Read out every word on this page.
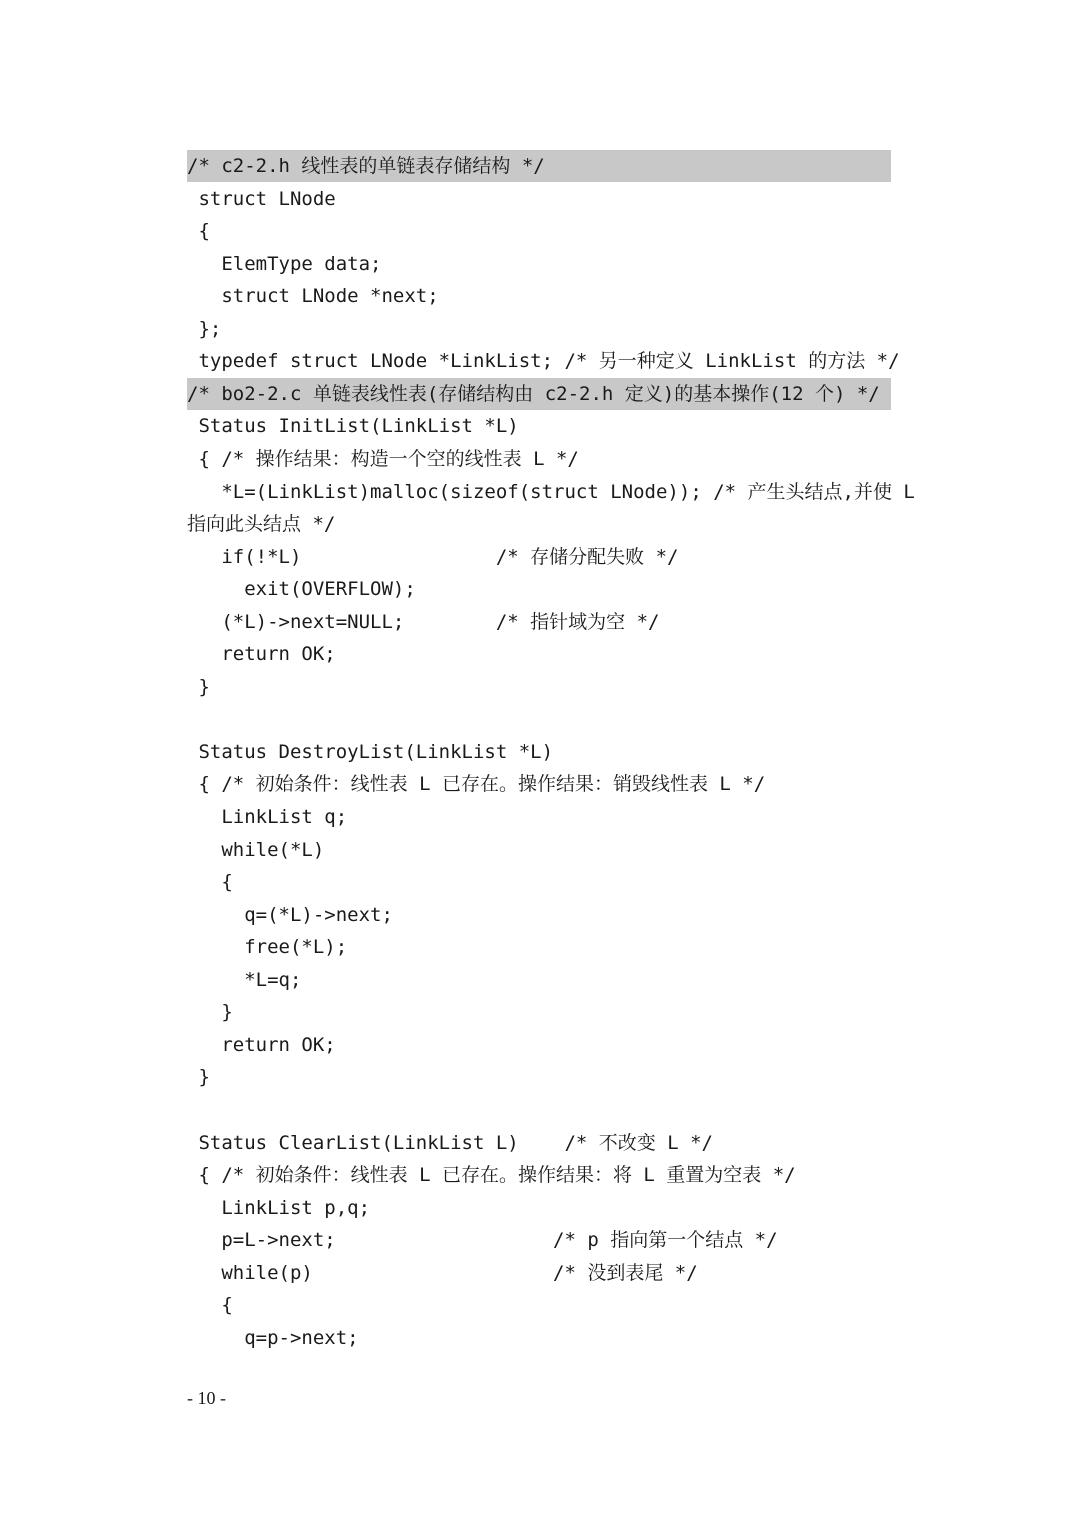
/* c2-2.h 线性表的单链表存储结构 */
struct LNode
{
ElemType data;
struct LNode *next;
};
typedef struct LNode *LinkList; /* 另一种定义 LinkList 的方法 */
/* bo2-2.c 单链表线性表(存储结构由 c2-2.h 定义)的基本操作(12 个) */
Status InitList(LinkList *L)
{ /* 操作结果：构造一个空的线性表 L */
*L=(LinkList)malloc(sizeof(struct LNode)); /* 产生头结点,并使 L
指向此头结点 */
if(!*L)                 /* 存储分配失败 */
exit(OVERFLOW);
(*L)->next=NULL;        /* 指针域为空 */
return OK;
}
Status DestroyList(LinkList *L)
{ /* 初始条件：线性表 L 已存在。操作结果：销毁线性表 L */
LinkList q;
while(*L)
{
q=(*L)->next;
free(*L);
*L=q;
}
return OK;
}
Status ClearList(LinkList L)    /* 不改变 L */
{ /* 初始条件：线性表 L 已存在。操作结果：将 L 重置为空表 */
LinkList p,q;
p=L->next;                   /* p 指向第一个结点 */
while(p)                     /* 没到表尾 */
{
q=p->next;
- 10 -
